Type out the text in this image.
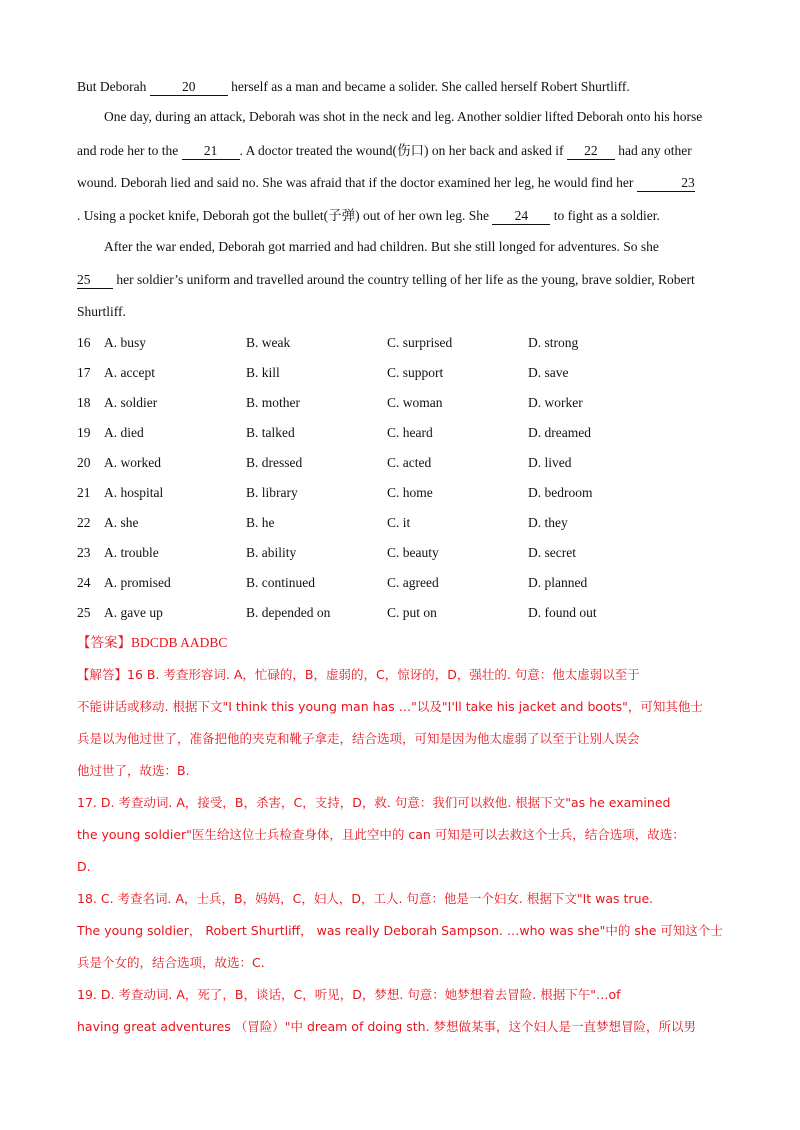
But Deborah 20 herself as a man and became a solider. She called herself Robert Shurtliff.
One day, during an attack, Deborah was shot in the neck and leg. Another soldier lifted Deborah onto his horse
and rode her to the 21 . A doctor treated the wound(伤口) on her back and asked if 22 had any other
wound. Deborah lied and said no. She was afraid that if the doctor examined her leg, he would find her	23
. Using a pocket knife, Deborah got the bullet(子弹) out of her own leg. She 24 to fight as a soldier.
After the war ended, Deborah got married and had children. But she still longed for adventures. So she
25 her soldier’s uniform and travelled around the country telling of her life as the young, brave soldier, Robert
Shurtliff.
16 A. busy	B. weak	C. surprised	D. strong
17 A. accept	B. kill	C. support	D. save
18 A. soldier	B. mother	C. woman	D. worker
19 A. died	B. talked	C. heard	D. dreamed
20 A. worked	B. dressed	C. acted	D. lived
21 A. hospital	B. library	C. home	D. bedroom
22 A. she	B. he	C. it	D. they
23 A. trouble	B. ability	C. beauty	D. secret
24 A. promised	B. continued	C. agreed	D. planned
25 A. gave up	B. depended on	C. put on	D. found out
【答案】BDCDB AADBC
【解答】16 B. 考查形容词. A，忙碌的，B，虚弱的，C，惊讶的，D，强壮的. 句意：他太虚弱以至于
不能讲话或移动. 根据下文"I think this young man has …"以及"I'll take his jacket and boots"，可知其他士
兵是以为他过世了，准备把他的夹克和靴子拿走，结合选项，可知是因为他太虚弱了以至于让别人误会
他过世了，故选：B.
17. D. 考查动词. A，接受，B，杀害，C，支持，D，救. 句意：我们可以救他. 根据下文"as he examined
the young soldier"医生给这位士兵检查身体，且此空中的 can 可知是可以去救这个士兵，结合选项，故选：
D.
18. C. 考查名词. A，士兵，B，妈妈，C，妇人，D，工人. 句意：他是一个妇女. 根据下文"It was true.
The young soldier， Robert Shurtliff， was really Deborah Sampson. …who was she"中的 she 可知这个士
兵是个女的，结合选项，故选：C.
19. D. 考查动词. A，死了，B，谈话，C，听见，D，梦想. 句意：她梦想着去冒险. 根据下午"…of
having great adventures （冒险）"中 dream of doing sth. 梦想做某事，这个妇人是一直梦想冒险，所以男
